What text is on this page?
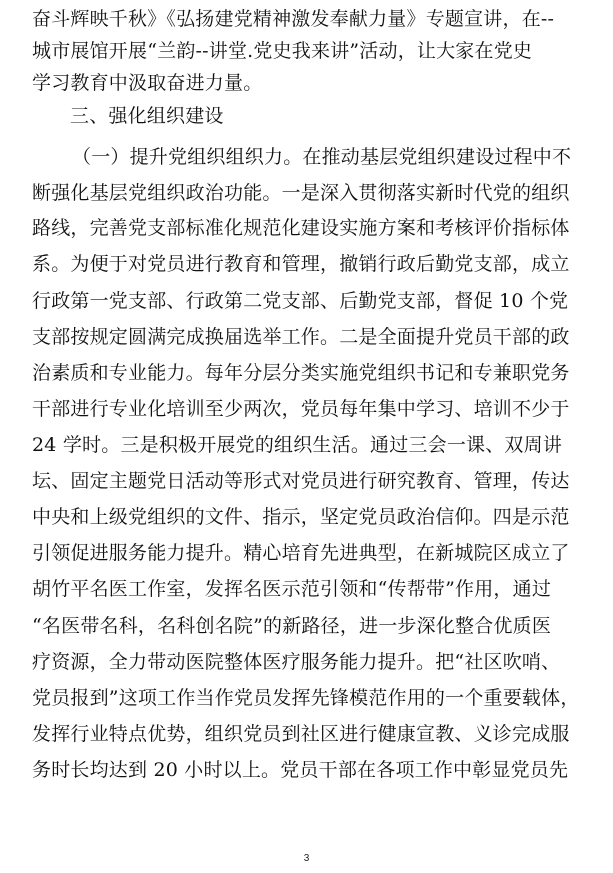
奋斗辉映千秋》《弘扬建党精神激发奉献力量》专题宣讲，在--
城市展馆开展“兰韵--讲堂.党史我来讲”活动，让大家在党史
学习教育中汲取奋进力量。
三、强化组织建设
（一）提升党组织组织力。在推动基层党组织建设过程中不
断强化基层党组织政治功能。一是深入贯彻落实新时代党的组织
路线，完善党支部标准化规范化建设实施方案和考核评价指标体
系。为便于对党员进行教育和管理，撤销行政后勤党支部，成立
行政第一党支部、行政第二党支部、后勤党支部，督促 10 个党
支部按规定圆满完成换届选举工作。二是全面提升党员干部的政
治素质和专业能力。每年分层分类实施党组织书记和专兼职党务
干部进行专业化培训至少两次，党员每年集中学习、培训不少于
24 学时。三是积极开展党的组织生活。通过三会一课、双周讲
坛、固定主题党日活动等形式对党员进行研究教育、管理，传达
中央和上级党组织的文件、指示，坚定党员政治信仰。四是示范
引领促进服务能力提升。精心培育先进典型，在新城院区成立了
胡竹平名医工作室，发挥名医示范引领和“传帮带”作用，通过
“名医带名科，名科创名院”的新路径，进一步深化整合优质医
疗资源，全力带动医院整体医疗服务能力提升。把“社区吹哨、
党员报到”这项工作当作党员发挥先锋模范作用的一个重要载体，
发挥行业特点优势，组织党员到社区进行健康宣教、义诊完成服
务时长均达到 20 小时以上。党员干部在各项工作中彰显党员先
3
